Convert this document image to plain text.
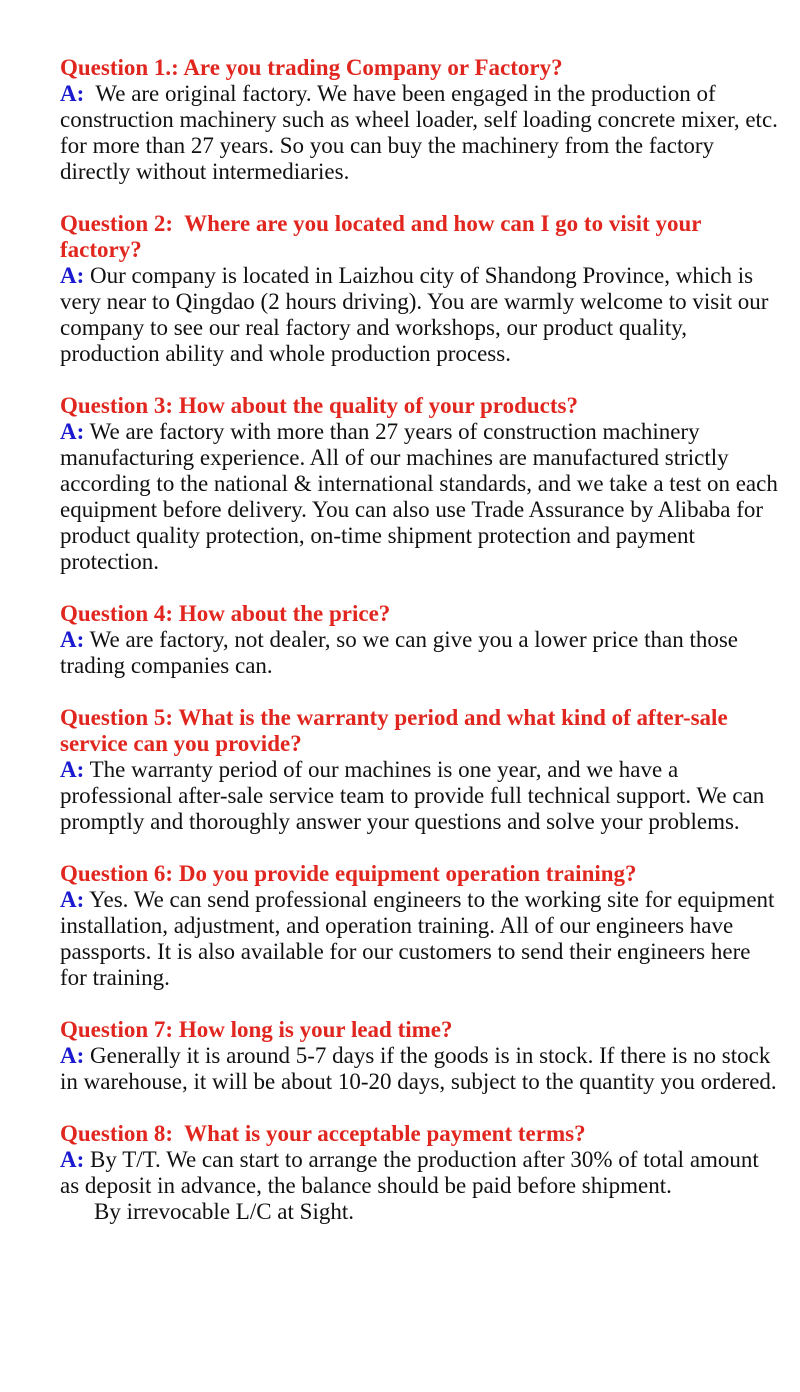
Question 1.: Are you trading Company or Factory?
A:  We are original factory. We have been engaged in the production of construction machinery such as wheel loader, self loading concrete mixer, etc. for more than 27 years. So you can buy the machinery from the factory directly without intermediaries.
Question 2:  Where are you located and how can I go to visit your factory?
A: Our company is located in Laizhou city of Shandong Province, which is very near to Qingdao (2 hours driving). You are warmly welcome to visit our company to see our real factory and workshops, our product quality, production ability and whole production process.
Question 3: How about the quality of your products?
A: We are factory with more than 27 years of construction machinery manufacturing experience. All of our machines are manufactured strictly according to the national & international standards, and we take a test on each equipment before delivery. You can also use Trade Assurance by Alibaba for product quality protection, on-time shipment protection and payment protection.
Question 4: How about the price?
A: We are factory, not dealer, so we can give you a lower price than those trading companies can.
Question 5: What is the warranty period and what kind of after-sale service can you provide?
A: The warranty period of our machines is one year, and we have a professional after-sale service team to provide full technical support. We can promptly and thoroughly answer your questions and solve your problems.
Question 6: Do you provide equipment operation training?
A: Yes. We can send professional engineers to the working site for equipment installation, adjustment, and operation training. All of our engineers have passports. It is also available for our customers to send their engineers here for training.
Question 7: How long is your lead time?
A: Generally it is around 5-7 days if the goods is in stock. If there is no stock in warehouse, it will be about 10-20 days, subject to the quantity you ordered.
Question 8:  What is your acceptable payment terms?
A: By T/T. We can start to arrange the production after 30% of total amount as deposit in advance, the balance should be paid before shipment.
By irrevocable L/C at Sight.
